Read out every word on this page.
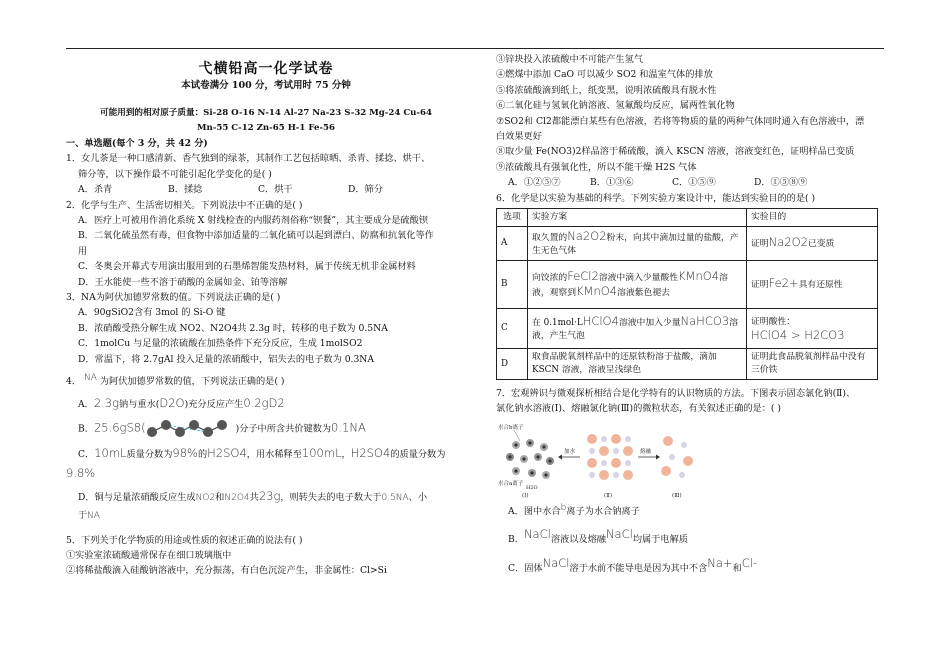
弋横铅高一化学试卷
本试卷满分 100 分，考试用时 75 分钟
可能用到的相对原子质量：Si-28 O-16 N-14 Al-27 Na-23 S-32 Mg-24 Cu-64
Mn-55 C-12 Zn-65 H-1 Fe-56
一、单选题(每个 3 分，共 42 分)
1．女儿茶是一种口感清新、香气独到的绿茶，其制作工艺包括晾晒、杀青、揉捻、烘干、
筛分等，以下操作最不可能引起化学变化的是( )
A．杀青	B．揉捻	C．烘干	D．筛分
2．化学与生产、生活密切相关。下列说法中不正确的是( )
A．医疗上可被用作消化系统 X 射线检查的内服药剂俗称“钡餐”，其主要成分是硫酸钡
B．二氧化硫虽然有毒，但食物中添加适量的二氧化硫可以起到漂白、防腐和抗氧化等作
用
C．冬奥会开幕式专用演出服用到的石墨烯智能发热材料，属于传统无机非金属材料
D．王水能使一些不溶于硝酸的金属如金、铂等溶解
3．NA为阿伏加德罗常数的值。下列说法正确的是( )
A．90gSiO2含有 3mol 的 Si-O 键
B．浓硝酸受热分解生成 NO2、N2O4共 2.3g 时，转移的电子数为 0.5NA
C．1molCu 与足量的浓硫酸在加热条件下充分反应，生成 1molSO2
D．常温下，将 2.7gAl 投入足量的浓硝酸中，铝失去的电子数为 0.3NA
4． NA 为阿伏加德罗常数的值，下列说法正确的是( )
A．2.3g钠与重水(D2O)充分反应产生0.2gD2
B．25.6gS8(	)分子中所含共价键数为0.1NA
C．10mL质量分数为98%的H2SO4，用水稀释至100mL，H2SO4的质量分数为
9.8%
D．铜与足量浓硝酸反应生成NO2和N2O4共23g，则转失去的电子数大于0.5NA、小
于NA
5．下列关于化学物质的用途或性质的叙述正确的说法有( )
①实验室浓硫酸通常保存在细口玻璃瓶中
②将稀盐酸滴入硅酸钠溶液中，充分振荡，有白色沉淀产生，非金属性：Cl>Si
③锌块投入浓硫酸中不可能产生氢气
④燃煤中添加 CaO 可以减少 SO2 和温室气体的排放
⑤将浓硫酸滴到纸上，纸变黑，说明浓硫酸具有脱水性
⑥二氧化硅与氢氧化钠溶液、氢氟酸均反应，属两性氧化物
⑦SO2和 Cl2都能漂白某些有色溶液，若将等物质的量的两种气体同时通入有色溶液中，漂
白效果更好
⑧取少量 Fe(NO3)2样品溶于稀硫酸，滴入 KSCN 溶液，溶液变红色，证明样品已变质
⑨浓硫酸具有强氧化性，所以不能干燥 H2S 气体
A．①②⑤⑦	B．①③⑥	C．①⑤⑨	D．①⑤⑧⑨
6．化学是以实验为基础的科学。下列实验方案设计中，能达到实验目的的是( )
选项	实验方案	实验目的
A	取久置的Na2O2粉末，向其中滴加过量的盐酸，产生无色气体	证明Na2O2已变质
B	向饺浓的FeCl2溶液中滴入少量酸性KMnO4溶液，观察到KMnO4溶液紫色褪去	证明Fe2+具有还原性
C	在 0.1mol·LHClO4溶液中加入少量NaHCO3溶液，产生气泡	证明酸性：
HClO4 > H2CO3

D	取食品脱氧剂样品中的还原铁粉溶于盐酸，滴加 KSCN 溶液，溶液呈浅绿色	证明此食品脱氧剂样品中没有三价铁
7．宏观辨识与微观探析相结合是化学特有的认识物质的方法。下图表示固态氯化钠(Ⅱ)、
氯化钠水溶液(Ⅰ)、熔融氯化钠(Ⅲ)的微粒状态，有关叙述正确的是：( )
水合b离子
水合a离子
H2O
加水	熔融
(Ⅰ)	(Ⅱ)	(Ⅲ)
A．图中水合b离子为水合钠离子
B．NaCl溶液以及熔融NaCl均属于电解质
C．固体NaCl溶于水前不能导电是因为其中不含Na+和Cl-
